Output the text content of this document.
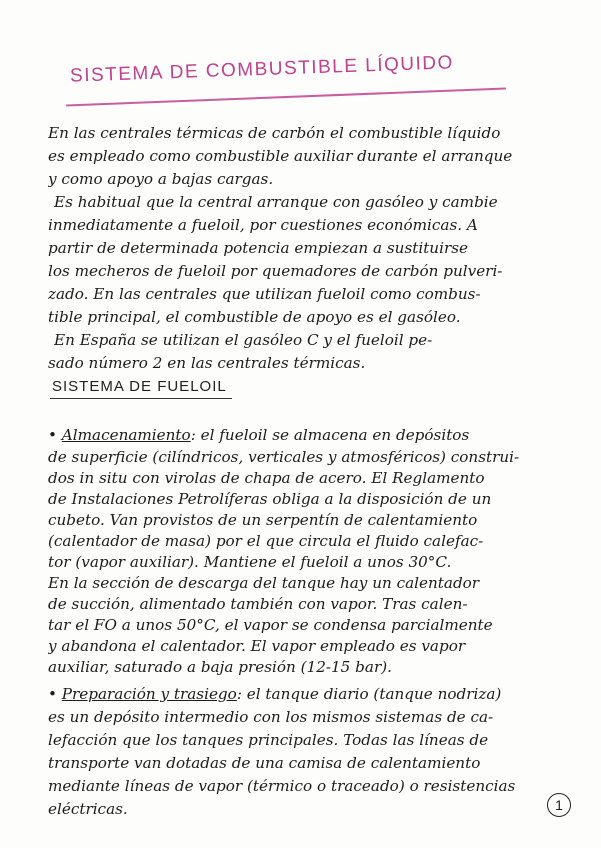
SISTEMA DE COMBUSTIBLE LÍQUIDO
En las centrales térmicas de carbón el combustible líquido
es empleado como combustible auxiliar durante el arranque
y como apoyo a bajas cargas.
Es habitual que la central arranque con gasóleo y cambie
inmediatamente a fueloil, por cuestiones económicas. A
partir de determinada potencia empiezan a sustituirse
los mecheros de fueloil por quemadores de carbón pulveri-
zado. En las centrales que utilizan fueloil como combus-
tible principal, el combustible de apoyo es el gasóleo.
En España se utilizan el gasóleo C y el fueloil pe-
sado número 2 en las centrales térmicas.
SISTEMA DE FUELOIL
• Almacenamiento: el fueloil se almacena en depósitos
de superficie (cilíndricos, verticales y atmosféricos) construi-
dos in situ con virolas de chapa de acero. El Reglamento
de Instalaciones Petrolíferas obliga a la disposición de un
cubeto. Van provistos de un serpentín de calentamiento
(calentador de masa) por el que circula el fluido calefac-
tor (vapor auxiliar). Mantiene el fueloil a unos 30°C.
En la sección de descarga del tanque hay un calentador
de succión, alimentado también con vapor. Tras calen-
tar el FO a unos 50°C, el vapor se condensa parcialmente
y abandona el calentador. El vapor empleado es vapor
auxiliar, saturado a baja presión (12-15 bar).
• Preparación y trasiego: el tanque diario (tanque nodriza)
es un depósito intermedio con los mismos sistemas de ca-
lefacción que los tanques principales. Todas las líneas de
transporte van dotadas de una camisa de calentamiento
mediante líneas de vapor (térmico o traceado) o resistencias
eléctricas.	1
